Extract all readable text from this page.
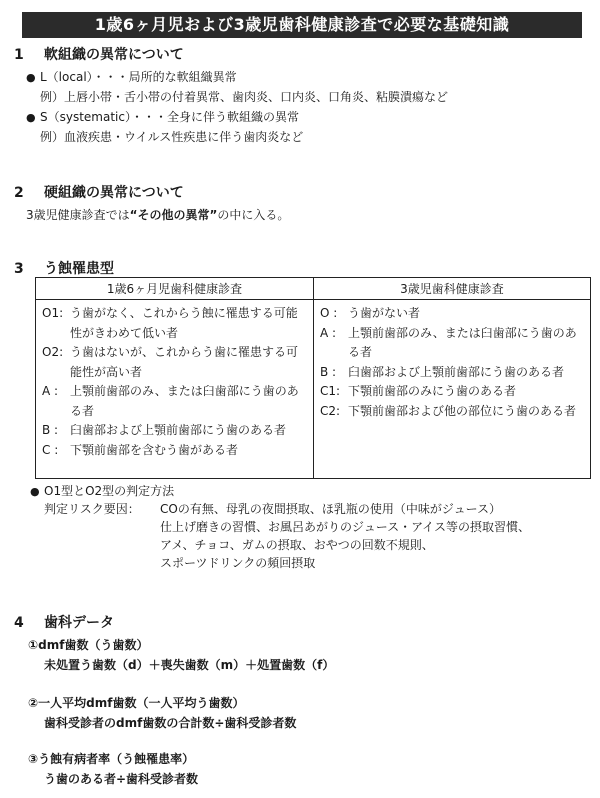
1歳6ヶ月児および3歳児歯科健康診査で必要な基礎知識
1 軟組織の異常について
● L（local）・・・局所的な軟組織異常
例）上唇小帯・舌小帯の付着異常、歯肉炎、口内炎、口角炎、粘膜潰瘍など
● S（systematic）・・・全身に伴う軟組織の異常
例）血液疾患・ウイルス性疾患に伴う歯肉炎など
2 硬組織の異常について
3歳児健康診査では“その他の異常”の中に入る。
3 う蝕罹患型
1歳6ヶ月児歯科健康診査
O1: う歯がなく、これからう蝕に罹患する可能性がきわめて低い者
O2: う歯はないが、これからう歯に罹患する可能性が高い者
A : 上顎前歯部のみ、または臼歯部にう歯のある者
B : 臼歯部および上顎前歯部にう歯のある者
C : 下顎前歯部を含むう歯がある者
3歳児歯科健康診査
O : う歯がない者
A : 上顎前歯部のみ、または臼歯部にう歯のある者
B : 臼歯部および上顎前歯部にう歯のある者
C1: 下顎前歯部のみにう歯のある者
C2: 下顎前歯部および他の部位にう歯のある者
● O1型とO2型の判定方法
判定リスク要因： COの有無、母乳の夜間摂取、ほ乳瓶の使用（中味がジュース）
仕上げ磨きの習慣、お風呂あがりのジュース・アイス等の摂取習慣、
アメ、チョコ、ガムの摂取、おやつの回数不規則、
スポーツドリンクの頻回摂取
4 歯科データ
①dmf歯数（う歯数）
未処置う歯数（d）＋喪失歯数（m）＋処置歯数（f）
②一人平均dmf歯数（一人平均う歯数）
歯科受診者のdmf歯数の合計数÷歯科受診者数
③う蝕有病者率（う蝕罹患率）
う歯のある者÷歯科受診者数
